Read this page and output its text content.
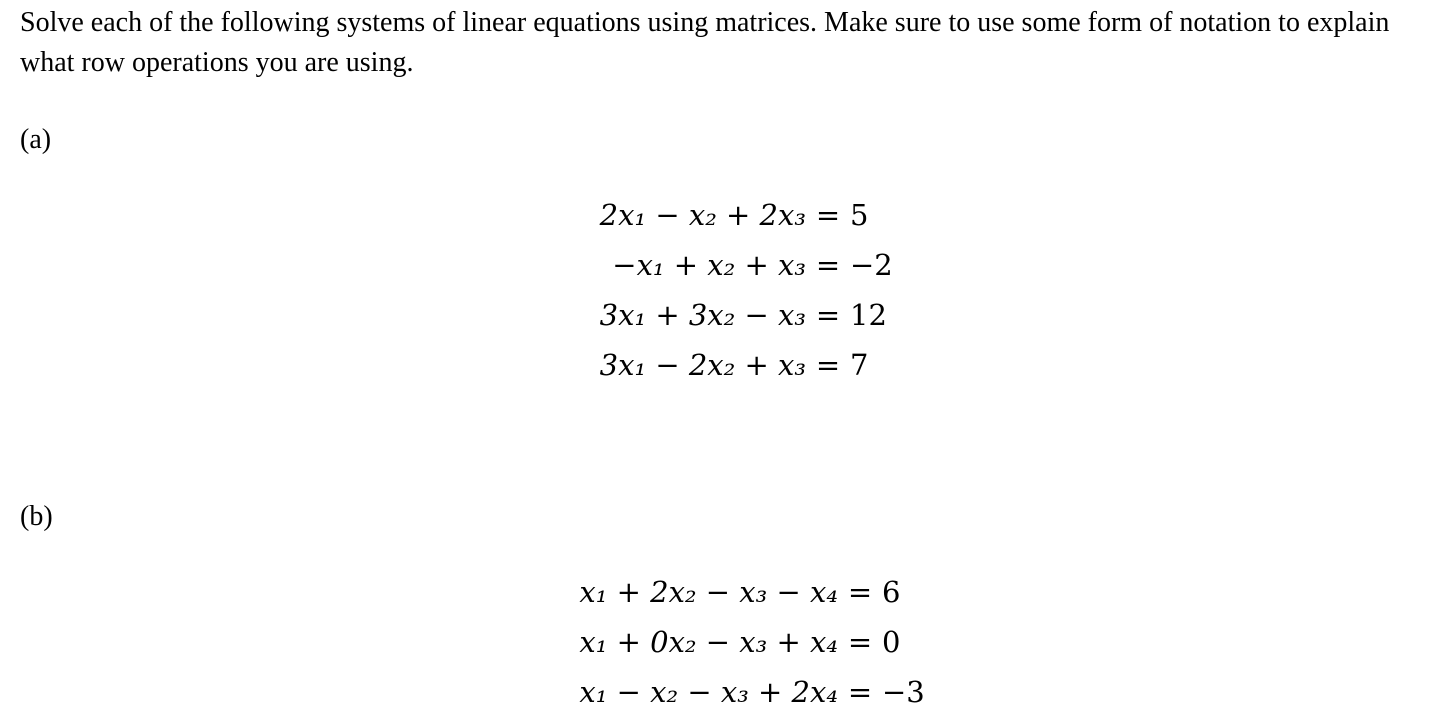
Solve each of the following systems of linear equations using matrices. Make sure to use some form of notation to explain what row operations you are using.
(a)
2x₁ − x₂ + 2x₃ = 5
−x₁ + x₂ + x₃ = −2
3x₁ + 3x₂ − x₃ = 12
3x₁ − 2x₂ + x₃ = 7
(b)
x₁ + 2x₂ − x₃ − x₄ = 6
x₁ + 0x₂ − x₃ + x₄ = 0
x₁ − x₂ − x₃ + 2x₄ = −3
